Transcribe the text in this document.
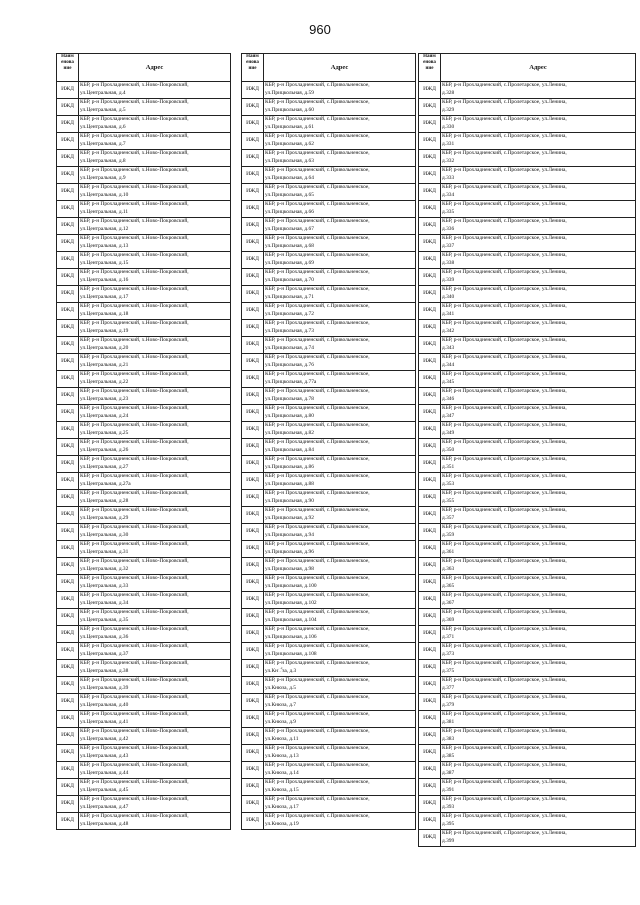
960
Наим енова ние	Адрес
ИЖД	КБР, р-н Прохладненский, х.Ново-Покровский,
ул.Центральная, д.4

ИЖД	КБР, р-н Прохладненский, х.Ново-Покровский,
ул.Центральная, д.5

ИЖД	КБР, р-н Прохладненский, х.Ново-Покровский,
ул.Центральная, д.6

ИЖД	КБР, р-н Прохладненский, х.Ново-Покровский,
ул.Центральная, д.7

ИЖД	КБР, р-н Прохладненский, х.Ново-Покровский,
ул.Центральная, д.8

ИЖД	КБР, р-н Прохладненский, х.Ново-Покровский,
ул.Центральная, д.9

ИЖД	КБР, р-н Прохладненский, х.Ново-Покровский,
ул.Центральная, д.10

ИЖД	КБР, р-н Прохладненский, х.Ново-Покровский,
ул.Центральная, д.11

ИЖД	КБР, р-н Прохладненский, х.Ново-Покровский,
ул.Центральная, д.12

ИЖД	КБР, р-н Прохладненский, х.Ново-Покровский,
ул.Центральная, д.13

ИЖД	КБР, р-н Прохладненский, х.Ново-Покровский,
ул.Центральная, д.15

ИЖД	КБР, р-н Прохладненский, х.Ново-Покровский,
ул.Центральная, д.16

ИЖД	КБР, р-н Прохладненский, х.Ново-Покровский,
ул.Центральная, д.17

ИЖД	КБР, р-н Прохладненский, х.Ново-Покровский,
ул.Центральная, д.18

ИЖД	КБР, р-н Прохладненский, х.Ново-Покровский,
ул.Центральная, д.19

ИЖД	КБР, р-н Прохладненский, х.Ново-Покровский,
ул.Центральная, д.20

ИЖД	КБР, р-н Прохладненский, х.Ново-Покровский,
ул.Центральная, д.21

ИЖД	КБР, р-н Прохладненский, х.Ново-Покровский,
ул.Центральная, д.22

ИЖД	КБР, р-н Прохладненский, х.Ново-Покровский,
ул.Центральная, д.23

ИЖД	КБР, р-н Прохладненский, х.Ново-Покровский,
ул.Центральная, д.24

ИЖД	КБР, р-н Прохладненский, х.Ново-Покровский,
ул.Центральная, д.25

ИЖД	КБР, р-н Прохладненский, х.Ново-Покровский,
ул.Центральная, д.26

ИЖД	КБР, р-н Прохладненский, х.Ново-Покровский,
ул.Центральная, д.27

ИЖД	КБР, р-н Прохладненский, х.Ново-Покровский,
ул.Центральная, д.27а

ИЖД	КБР, р-н Прохладненский, х.Ново-Покровский,
ул.Центральная, д.28

ИЖД	КБР, р-н Прохладненский, х.Ново-Покровский,
ул.Центральная, д.29

ИЖД	КБР, р-н Прохладненский, х.Ново-Покровский,
ул.Центральная, д.30

ИЖД	КБР, р-н Прохладненский, х.Ново-Покровский,
ул.Центральная, д.31

ИЖД	КБР, р-н Прохладненский, х.Ново-Покровский,
ул.Центральная, д.32

ИЖД	КБР, р-н Прохладненский, х.Ново-Покровский,
ул.Центральная, д.33

ИЖД	КБР, р-н Прохладненский, х.Ново-Покровский,
ул.Центральная, д.34

ИЖД	КБР, р-н Прохладненский, х.Ново-Покровский,
ул.Центральная, д.35

ИЖД	КБР, р-н Прохладненский, х.Ново-Покровский,
ул.Центральная, д.36

ИЖД	КБР, р-н Прохладненский, х.Ново-Покровский,
ул.Центральная, д.37

ИЖД	КБР, р-н Прохладненский, х.Ново-Покровский,
ул.Центральная, д.38

ИЖД	КБР, р-н Прохладненский, х.Ново-Покровский,
ул.Центральная, д.39

ИЖД	КБР, р-н Прохладненский, х.Ново-Покровский,
ул.Центральная, д.40

ИЖД	КБР, р-н Прохладненский, х.Ново-Покровский,
ул.Центральная, д.41

ИЖД	КБР, р-н Прохладненский, х.Ново-Покровский,
ул.Центральная, д.42

ИЖД	КБР, р-н Прохладненский, х.Ново-Покровский,
ул.Центральная, д.43

ИЖД	КБР, р-н Прохладненский, х.Ново-Покровский,
ул.Центральная, д.44

ИЖД	КБР, р-н Прохладненский, х.Ново-Покровский,
ул.Центральная, д.45

ИЖД	КБР, р-н Прохладненский, х.Ново-Покровский,
ул.Центральная, д.47

ИЖД	КБР, р-н Прохладненский, х.Ново-Покровский,
ул.Центральная, д.48
Наим енова ние	Адрес
ИЖД	КБР, р-н Прохладненский, с.Привольненское,
ул.Прицкольная, д.59

ИЖД	КБР, р-н Прохладненский, с.Привольненское,
ул.Прицкольная, д.60

ИЖД	КБР, р-н Прохладненский, с.Привольненское,
ул.Прицкольная, д.61

ИЖД	КБР, р-н Прохладненский, с.Привольненское,
ул.Прицкольная, д.62

ИЖД	КБР, р-н Прохладненский, с.Привольненское,
ул.Прицкольная, д.63

ИЖД	КБР, р-н Прохладненский, с.Привольненское,
ул.Прицкольная, д.64

ИЖД	КБР, р-н Прохладненский, с.Привольненское,
ул.Прицкольная, д.65

ИЖД	КБР, р-н Прохладненский, с.Привольненское,
ул.Прицкольная, д.66

ИЖД	КБР, р-н Прохладненский, с.Привольненское,
ул.Прицкольная, д.67

ИЖД	КБР, р-н Прохладненский, с.Привольненское,
ул.Прицкольная, д.68

ИЖД	КБР, р-н Прохладненский, с.Привольненское,
ул.Прицкольная, д.69

ИЖД	КБР, р-н Прохладненский, с.Привольненское,
ул.Прицкольная, д.70

ИЖД	КБР, р-н Прохладненский, с.Привольненское,
ул.Прицкольная, д.71

ИЖД	КБР, р-н Прохладненский, с.Привольненское,
ул.Прицкольная, д.72

ИЖД	КБР, р-н Прохладненский, с.Привольненское,
ул.Прицкольная, д.73

ИЖД	КБР, р-н Прохладненский, с.Привольненское,
ул.Прицкольная, д.74

ИЖД	КБР, р-н Прохладненский, с.Привольненское,
ул.Прицкольная, д.76

ИЖД	КБР, р-н Прохладненский, с.Привольненское,
ул.Прицкольная, д.77а

ИЖД	КБР, р-н Прохладненский, с.Привольненское,
ул.Прицкольная, д.78

ИЖД	КБР, р-н Прохладненский, с.Привольненское,
ул.Прицкольная, д.80

ИЖД	КБР, р-н Прохладненский, с.Привольненское,
ул.Прицкольная, д.82

ИЖД	КБР, р-н Прохладненский, с.Привольненское,
ул.Прицкольная, д.84

ИЖД	КБР, р-н Прохладненский, с.Привольненское,
ул.Прицкольная, д.86

ИЖД	КБР, р-н Прохладненский, с.Привольненское,
ул.Прицкольная, д.88

ИЖД	КБР, р-н Прохладненский, с.Привольненское,
ул.Прицкольная, д.90

ИЖД	КБР, р-н Прохладненский, с.Привольненское,
ул.Прицкольная, д.92

ИЖД	КБР, р-н Прохладненский, с.Привольненское,
ул.Прицкольная, д.94

ИЖД	КБР, р-н Прохладненский, с.Привольненское,
ул.Прицкольная, д.96

ИЖД	КБР, р-н Прохладненский, с.Привольненское,
ул.Прицкольная, д.98

ИЖД	КБР, р-н Прохладненский, с.Привольненское,
ул.Прицкольная, д.100

ИЖД	КБР, р-н Прохладненский, с.Привольненское,
ул.Прицкольная, д.102

ИЖД	КБР, р-н Прохладненский, с.Привольненское,
ул.Прицкольная, д.104

ИЖД	КБР, р-н Прохладненский, с.Привольненское,
ул.Прицкольная, д.106

ИЖД	КБР, р-н Прохладненский, с.Привольненское,
ул.Прицкольная, д.108

ИЖД	КБР, р-н Прохладненский, с.Привольненское,
ул.Кн්за, д.3

ИЖД	КБР, р-н Прохладненский, с.Привольненское,
ул.Кнюза, д.5

ИЖД	КБР, р-н Прохладненский, с.Привольненское,
ул.Кнюза, д.7

ИЖД	КБР, р-н Прохладненский, с.Привольненское,
ул.Кнюза, д.9

ИЖД	КБР, р-н Прохладненский, с.Привольненское,
ул.Кнюза, д.11

ИЖД	КБР, р-н Прохладненский, с.Привольненское,
ул.Кнюза, д.13

ИЖД	КБР, р-н Прохладненский, с.Привольненское,
ул.Кнюза, д.14

ИЖД	КБР, р-н Прохладненский, с.Привольненское,
ул.Кнюза, д.15

ИЖД	КБР, р-н Прохладненский, с.Привольненское,
ул.Кнюза, д.17

ИЖД	КБР, р-н Прохладненский, с.Привольненское,
ул.Кнюза, д.19
Наим енова ние	Адрес
ИЖД	КБР, р-н Прохладненский, с.Пролетарское, ул.Ленина,
д.328

ИЖД	КБР, р-н Прохладненский, с.Пролетарское, ул.Ленина,
д.329

ИЖД	КБР, р-н Прохладненский, с.Пролетарское, ул.Ленина,
д.330

ИЖД	КБР, р-н Прохладненский, с.Пролетарское, ул.Ленина,
д.331

ИЖД	КБР, р-н Прохладненский, с.Пролетарское, ул.Ленина,
д.332

ИЖД	КБР, р-н Прохладненский, с.Пролетарское, ул.Ленина,
д.333

ИЖД	КБР, р-н Прохладненский, с.Пролетарское, ул.Ленина,
д.334

ИЖД	КБР, р-н Прохладненский, с.Пролетарское, ул.Ленина,
д.335

ИЖД	КБР, р-н Прохладненский, с.Пролетарское, ул.Ленина,
д.336

ИЖД	КБР, р-н Прохладненский, с.Пролетарское, ул.Ленина,
д.337

ИЖД	КБР, р-н Прохладненский, с.Пролетарское, ул.Ленина,
д.338

ИЖД	КБР, р-н Прохладненский, с.Пролетарское, ул.Ленина,
д.339

ИЖД	КБР, р-н Прохладненский, с.Пролетарское, ул.Ленина,
д.340

ИЖД	КБР, р-н Прохладненский, с.Пролетарское, ул.Ленина,
д.341

ИЖД	КБР, р-н Прохладненский, с.Пролетарское, ул.Ленина,
д.342

ИЖД	КБР, р-н Прохладненский, с.Пролетарское, ул.Ленина,
д.343

ИЖД	КБР, р-н Прохладненский, с.Пролетарское, ул.Ленина,
д.344

ИЖД	КБР, р-н Прохладненский, с.Пролетарское, ул.Ленина,
д.345

ИЖД	КБР, р-н Прохладненский, с.Пролетарское, ул.Ленина,
д.346

ИЖД	КБР, р-н Прохладненский, с.Пролетарское, ул.Ленина,
д.347

ИЖД	КБР, р-н Прохладненский, с.Пролетарское, ул.Ленина,
д.349

ИЖД	КБР, р-н Прохладненский, с.Пролетарское, ул.Ленина,
д.350

ИЖД	КБР, р-н Прохладненский, с.Пролетарское, ул.Ленина,
д.351

ИЖД	КБР, р-н Прохладненский, с.Пролетарское, ул.Ленина,
д.353

ИЖД	КБР, р-н Прохладненский, с.Пролетарское, ул.Ленина,
д.355

ИЖД	КБР, р-н Прохладненский, с.Пролетарское, ул.Ленина,
д.357

ИЖД	КБР, р-н Прохладненский, с.Пролетарское, ул.Ленина,
д.359

ИЖД	КБР, р-н Прохладненский, с.Пролетарское, ул.Ленина,
д.361

ИЖД	КБР, р-н Прохладненский, с.Пролетарское, ул.Ленина,
д.363

ИЖД	КБР, р-н Прохладненский, с.Пролетарское, ул.Ленина,
д.365

ИЖД	КБР, р-н Прохладненский, с.Пролетарское, ул.Ленина,
д.367

ИЖД	КБР, р-н Прохладненский, с.Пролетарское, ул.Ленина,
д.369

ИЖД	КБР, р-н Прохладненский, с.Пролетарское, ул.Ленина,
д.371

ИЖД	КБР, р-н Прохладненский, с.Пролетарское, ул.Ленина,
д.373

ИЖД	КБР, р-н Прохладненский, с.Пролетарское, ул.Ленина,
д.375

ИЖД	КБР, р-н Прохладненский, с.Пролетарское, ул.Ленина,
д.377

ИЖД	КБР, р-н Прохладненский, с.Пролетарское, ул.Ленина,
д.379

ИЖД	КБР, р-н Прохладненский, с.Пролетарское, ул.Ленина,
д.381

ИЖД	КБР, р-н Прохладненский, с.Пролетарское, ул.Ленина,
д.383

ИЖД	КБР, р-н Прохладненский, с.Пролетарское, ул.Ленина,
д.385

ИЖД	КБР, р-н Прохладненский, с.Пролетарское, ул.Ленина,
д.387

ИЖД	КБР, р-н Прохладненский, с.Пролетарское, ул.Ленина,
д.391

ИЖД	КБР, р-н Прохладненский, с.Пролетарское, ул.Ленина,
д.393

ИЖД	КБР, р-н Прохладненский, с.Пролетарское, ул.Ленина,
д.395

ИЖД	КБР, р-н Прохладненский, с.Пролетарское, ул.Ленина,
д.399
